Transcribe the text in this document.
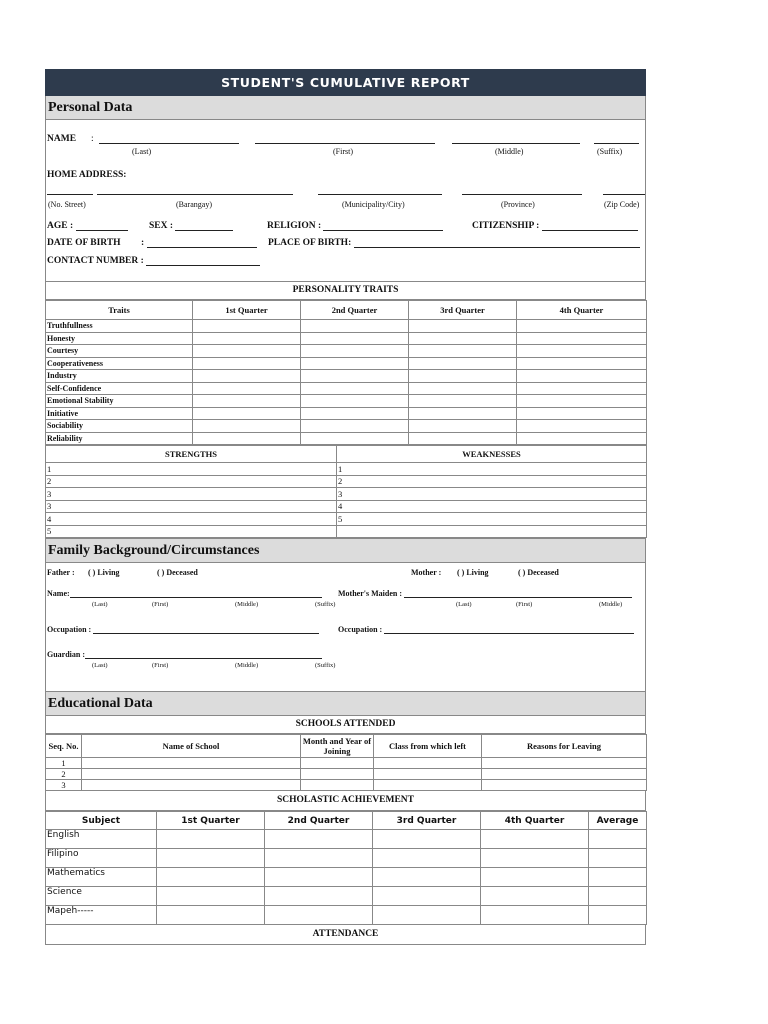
STUDENT'S CUMULATIVE REPORT
Personal Data
NAME :

(Last)	(First)	(Middle)	(Suffix)
HOME ADDRESS:

(No. Street)	(Barangay)	(Municipality/City)	(Province)	(Zip Code)
AGE :	SEX :	RELIGION :	CITIZENSHIP :
DATE OF BIRTH :	PLACE OF BIRTH:
CONTACT NUMBER :
PERSONALITY TRAITS
Traits	1st Quarter	2nd Quarter	3rd Quarter	4th Quarter
Truthfullness				
Honesty				
Courtesy				
Cooperativeness				
Industry				
Self-Confidence				
Emotional Stability				
Initiative				
Sociability				
Reliability				
STRENGTHS	WEAKNESSES
1	1
2	2
3	3
3	4
4	5
5	
Family Background/Circumstances
Father : ( ) Living	( ) Deceased	Mother : ( ) Living	( ) Deceased
Name:	Mother's Maiden :
(Last)	(First)	(Middle)	(Suffix)	(Last)	(First)	(Middle)
Occupation :	Occupation :
Guardian :
(Last)	(First)	(Middle)	(Suffix)
Educational Data
SCHOOLS ATTENDED
Seq. No.	Name of School	Month and Year of Joining	Class from which left	Reasons for Leaving
1				
2				
3				
SCHOLASTIC ACHIEVEMENT
Subject	1st Quarter	2nd Quarter	3rd Quarter	4th Quarter	Average
English					
Filipino					
Mathematics					
Science					
Mapeh-----					
ATTENDANCE
